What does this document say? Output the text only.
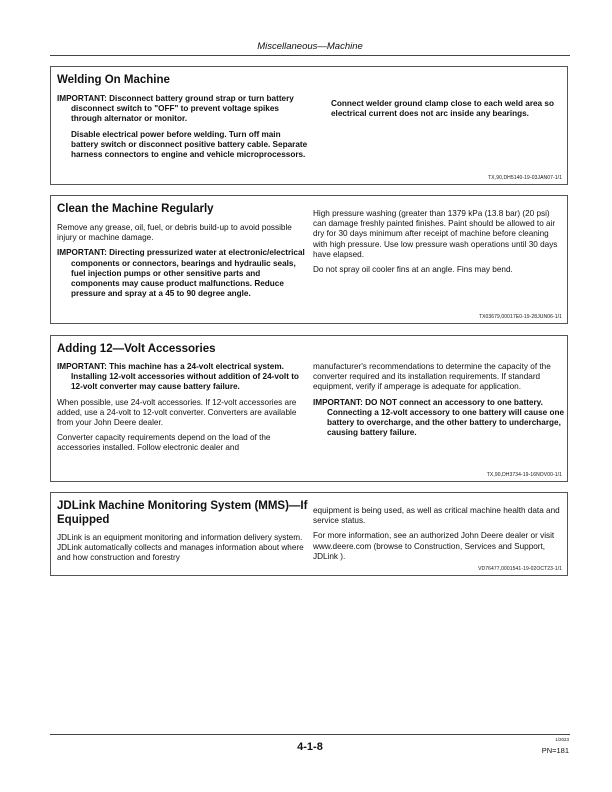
Miscellaneous—Machine
Welding On Machine

IMPORTANT: Disconnect battery ground strap or turn battery disconnect switch to "OFF" to prevent voltage spikes through alternator or monitor.

Disable electrical power before welding. Turn off main battery switch or disconnect positive battery cable. Separate harness connectors to engine and vehicle microprocessors.

Connect welder ground clamp close to each weld area so electrical current does not arc inside any bearings.

TX,90,DH5140-19-03JAN07-1/1
Clean the Machine Regularly

Remove any grease, oil, fuel, or debris build-up to avoid possible injury or machine damage.

IMPORTANT: Directing pressurized water at electronic/electrical components or connectors, bearings and hydraulic seals, fuel injection pumps or other sensitive parts and components may cause product malfunctions. Reduce pressure and spray at a 45 to 90 degree angle.

High pressure washing (greater than 1379 kPa (13.8 bar) (20 psi) can damage freshly painted finishes. Paint should be allowed to air dry for 30 days minimum after receipt of machine before cleaning with high pressure. Use low pressure wash operations until 30 days have elapsed.

Do not spray oil cooler fins at an angle. Fins may bend.

TX03679,00017E0-19-28JUN06-1/1
Adding 12—Volt Accessories

IMPORTANT: This machine has a 24-volt electrical system. Installing 12-volt accessories without addition of 24-volt to 12-volt converter may cause battery failure.

When possible, use 24-volt accessories. If 12-volt accessories are added, use a 24-volt to 12-volt converter. Converters are available from your John Deere dealer.

Converter capacity requirements depend on the load of the accessories installed. Follow electronic dealer and

manufacturer's recommendations to determine the capacity of the converter required and its installation requirements. If standard equipment, verify if amperage is adequate for application.

IMPORTANT: DO NOT connect an accessory to one battery. Connecting a 12-volt accessory to one battery will cause one battery to overcharge, and the other battery to undercharge, causing battery failure.

TX,90,DH3734-19-16NOV00-1/1
JDLink Machine Monitoring System (MMS)—If Equipped

JDLink is an equipment monitoring and information delivery system. JDLink automatically collects and manages information about where and how construction and forestry

equipment is being used, as well as critical machine health data and service status.

For more information, see an authorized John Deere dealer or visit www.deere.com (browse to Construction, Services and Support, JDLink ).

VD76477,0001541-19-02OCT23-1/1
4-1-8
1/2023
PN=181
